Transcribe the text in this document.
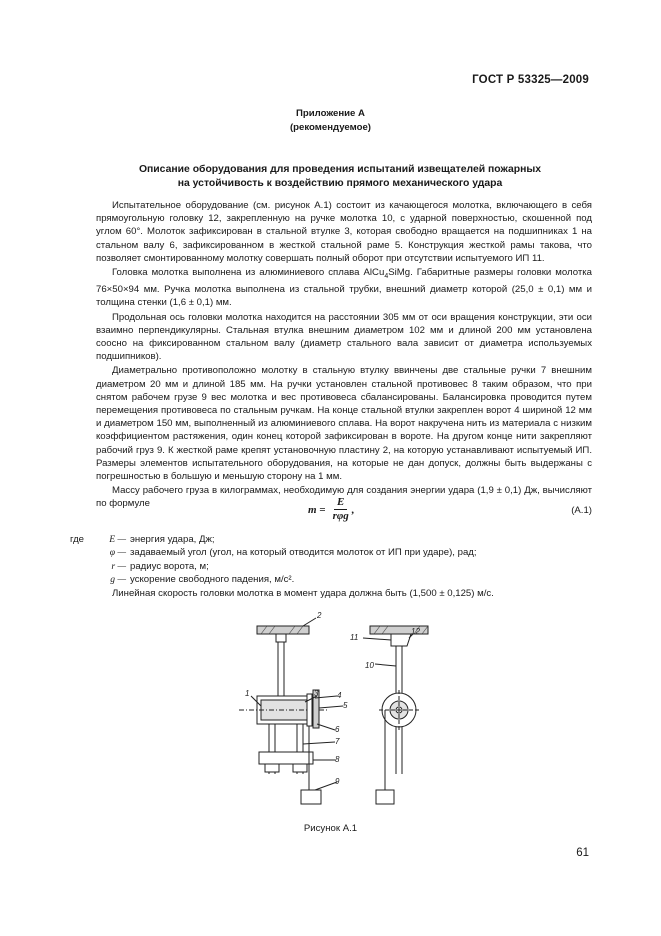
ГОСТ Р 53325—2009
Приложение А
(рекомендуемое)
Описание оборудования для проведения испытаний извещателей пожарных
на устойчивость к воздействию прямого механического удара

Испытательное оборудование (см. рисунок А.1) состоит из качающегося молотка, включающего в себя прямоугольную головку 12, закрепленную на ручке молотка 10, с ударной поверхностью, скошенной под углом 60°. Молоток зафиксирован в стальной втулке 3, которая свободно вращается на подшипниках 1 на стальном валу 6, зафиксированном в жесткой стальной раме 5. Конструкция жесткой рамы такова, что позволяет смонтированному молотку совершать полный оборот при отсутствии испытуемого ИП 11.

Головка молотка выполнена из алюминиевого сплава AlCu$_4$SiMg. Габаритные размеры головки молотка 76×50×94 мм. Ручка молотка выполнена из стальной трубки, внешний диаметр которой (25,0 ± 0,1) мм и толщина стенки (1,6 ± 0,1) мм.

Продольная ось головки молотка находится на расстоянии 305 мм от оси вращения конструкции, эти оси взаимно перпендикулярны. Стальная втулка внешним диаметром 102 мм и длиной 200 мм установлена соосно на фиксированном стальном валу (диаметр стального вала зависит от диаметра используемых подшипников).

Диаметрально противоположно молотку в стальную втулку ввинчены две стальные ручки 7 внешним диаметром 20 мм и длиной 185 мм. На ручки установлен стальной противовес 8 таким образом, что при снятом рабочем грузе 9 вес молотка и вес противовеса сбалансированы. Балансировка проводится путем перемещения противовеса по стальным ручкам. На конце стальной втулки закреплен ворот 4 шириной 12 мм и диаметром 150 мм, выполненный из алюминиевого сплава. На ворот накручена нить из материала с низким коэффициентом растяжения, один конец которой зафиксирован в вороте. На другом конце нити закрепляют рабочий груз 9. К жесткой раме крепят установочную пластину 2, на которую устанавливают испытуемый ИП. Размеры элементов испытательного оборудования, на которые не дан допуск, должны быть выдержаны с погрешностью в большую и меньшую сторону на 1 мм.

Массу рабочего груза в килограммах, необходимую для создания энергии удара (1,9 ± 0,1) Дж, вычисляют по формуле	$m = \frac{E}{\text{rφg}}$ ,	(A.1)
где	E — энергия удара, Дж;
φ — задаваемый угол (угол, на который отводится молоток от ИП при ударе), рад;
r — радиус ворота, м;
g — ускорение свободного падения, м/с².
Линейная скорость головки молотка в момент удара должна быть (1,500 ± 0,125) м/с.
1
2
3 4
5
6
7
8
9
10
11
12
Рисунок А.1
61
